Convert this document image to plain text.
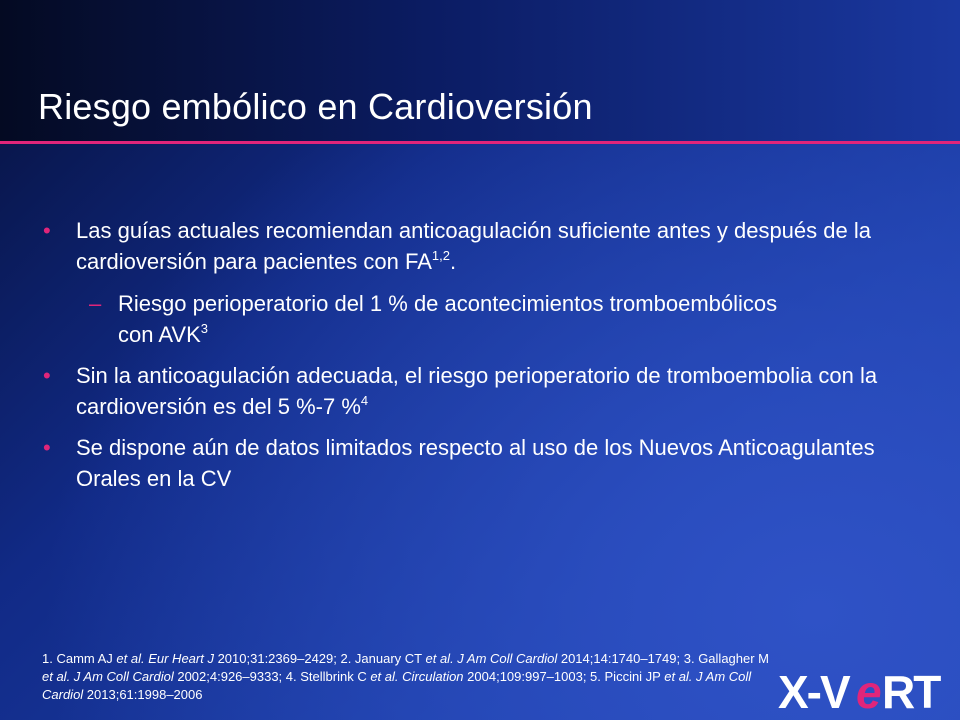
Riesgo embólico en Cardioversión
• Las guías actuales recomiendan anticoagulación suficiente antes y después de la cardioversión para pacientes con FA$^{1,2}$.
– Riesgo perioperatorio del 1 % de acontecimientos tromboembólicos con AVK$^3$
• Sin la anticoagulación adecuada, el riesgo perioperatorio de tromboembolia con la cardioversión es del 5 %-7 %$^4$
• Se dispone aún de datos limitados respecto al uso de los Nuevos Anticoagulantes Orales en la CV
1. Camm AJ et al. Eur Heart J 2010;31:2369–2429; 2. January CT et al. J Am Coll Cardiol 2014;14:1740–1749; 3. Gallagher M et al. J Am Coll Cardiol 2002;4:926–9333; 4. Stellbrink C et al. Circulation 2004;109:997–1003; 5. Piccini JP et al. J Am Coll Cardiol 2013;61:1998–2006	X-V e RT
